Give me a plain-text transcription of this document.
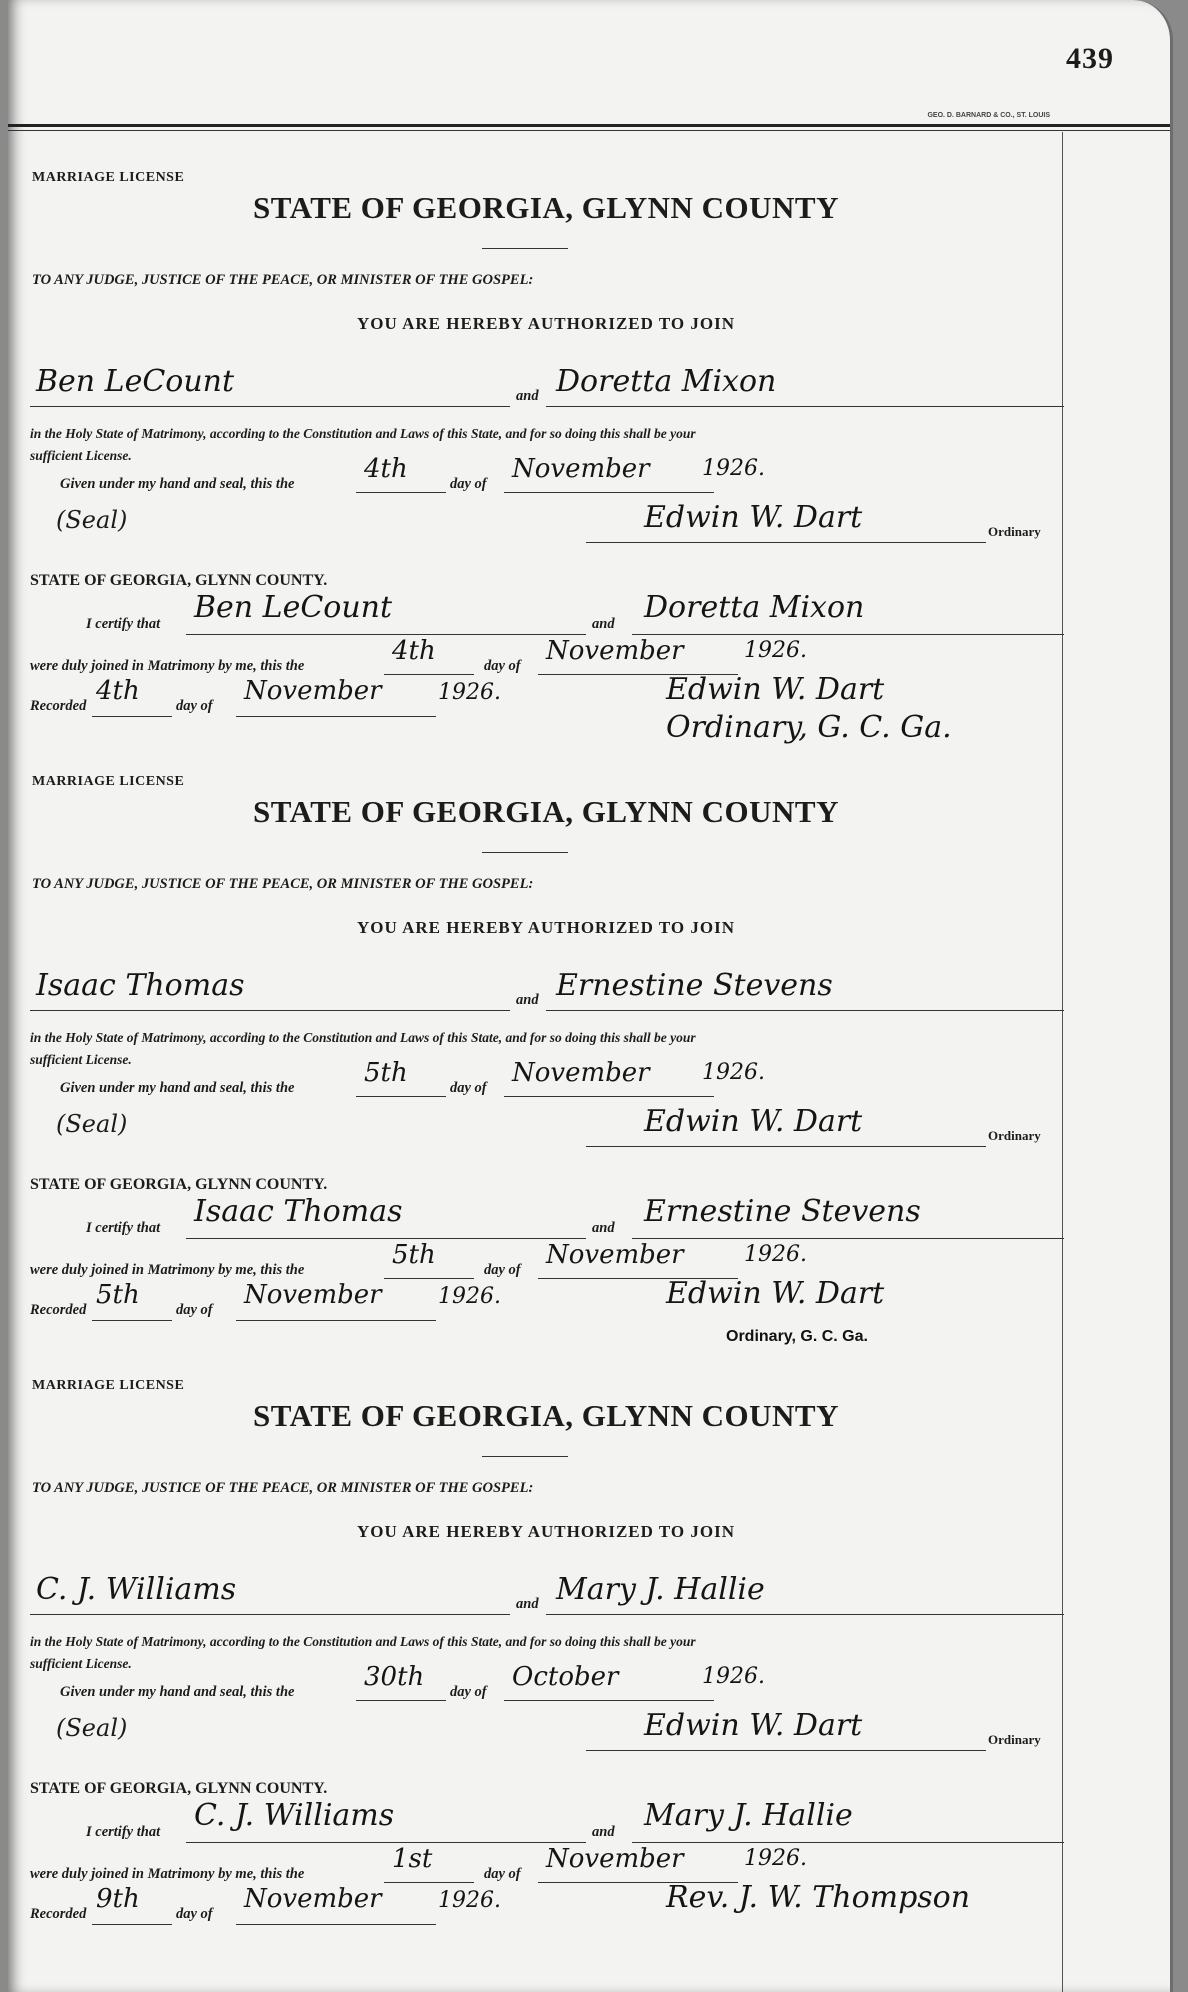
439
GEO. D. BARNARD & CO., ST. LOUIS
MARRIAGE LICENSE
STATE OF GEORGIA, GLYNN COUNTY
TO ANY JUDGE, JUSTICE OF THE PEACE, OR MINISTER OF THE GOSPEL:
YOU ARE HEREBY AUTHORIZED TO JOIN
Ben LeCount	and Doretta Mixon
in the Holy State of Matrimony, according to the Constitution and Laws of this State, and for so doing this shall be your
sufficient License.
Given under my hand and seal, this the	4th	day of November 1926.
(Seal)	Edwin W. Dart	Ordinary
STATE OF GEORGIA, GLYNN COUNTY.
I certify that Ben LeCount	and Doretta Mixon
were duly joined in Matrimony by me, this the	4th	day of November	1926.
Recorded 4th	day of November	1926.	Edwin W. Dart
Ordinary, G. C. Ga.
MARRIAGE LICENSE
STATE OF GEORGIA, GLYNN COUNTY
TO ANY JUDGE, JUSTICE OF THE PEACE, OR MINISTER OF THE GOSPEL:
YOU ARE HEREBY AUTHORIZED TO JOIN
Isaac Thomas	and Ernestine Stevens
in the Holy State of Matrimony, according to the Constitution and Laws of this State, and for so doing this shall be your
sufficient License.
Given under my hand and seal, this the	5th	day of November 1926.
(Seal)	Edwin W. Dart	Ordinary
STATE OF GEORGIA, GLYNN COUNTY.
I certify that Isaac Thomas	and Ernestine Stevens
were duly joined in Matrimony by me, this the	5th	day of November	1926.
Recorded 5th	day of November	1926.	Edwin W. Dart
Ordinary, G. C. Ga.
MARRIAGE LICENSE
STATE OF GEORGIA, GLYNN COUNTY
TO ANY JUDGE, JUSTICE OF THE PEACE, OR MINISTER OF THE GOSPEL:
YOU ARE HEREBY AUTHORIZED TO JOIN
C. J. Williams	and Mary J. Hallie
in the Holy State of Matrimony, according to the Constitution and Laws of this State, and for so doing this shall be your
sufficient License.
Given under my hand and seal, this the	30th day of October	1926.
(Seal)	Edwin W. Dart	Ordinary
STATE OF GEORGIA, GLYNN COUNTY.
I certify that C. J. Williams	and Mary J. Hallie
were duly joined in Matrimony by me, this the	1st	day of November	1926.
Recorded 9th	day of November	1926.	Rev. J. W. Thompson
